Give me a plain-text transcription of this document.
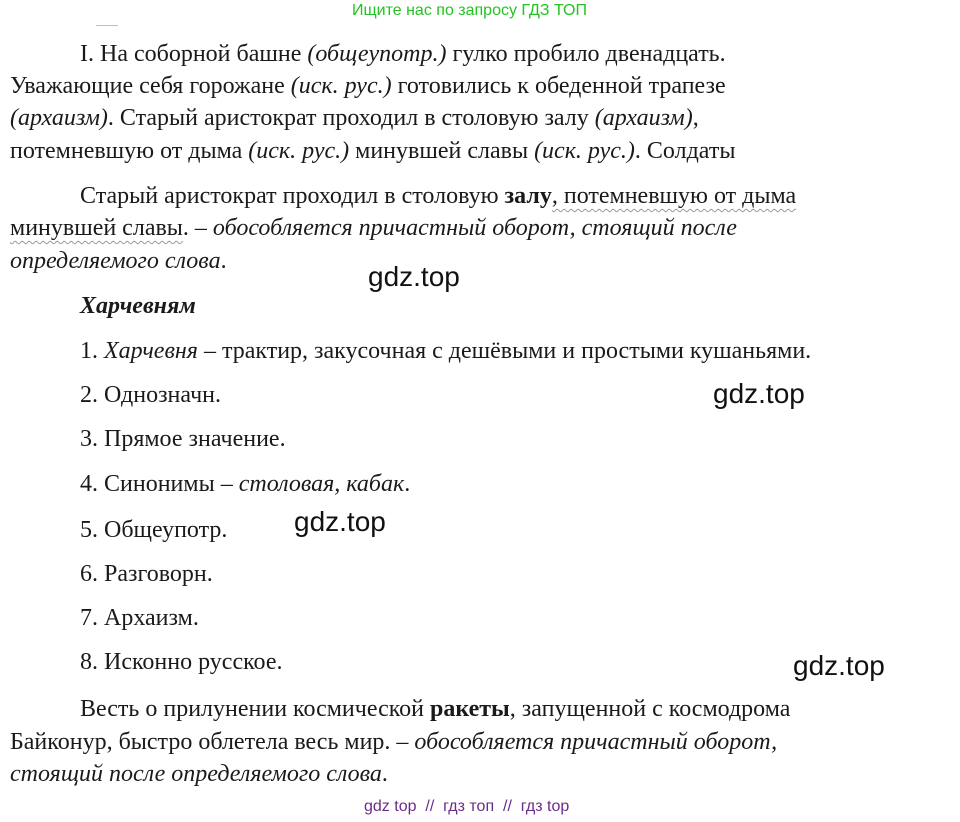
Ищите нас по запросу ГДЗ ТОП
I. На соборной башне (общеупотр.) гулко пробило двенадцать.
Уважающие себя горожане (иск. рус.) готовились к обеденной трапезе
(архаизм). Старый аристократ проходил в столовую залу (архаизм),
потемневшую от дыма (иск. рус.) минувшей славы (иск. рус.). Солдаты
Старый аристократ проходил в столовую залу, потемневшую от дыма
минувшей славы. – обособляется причастный оборот, стоящий после
определяемого слова.	gdz.top
Харчевням
1. Харчевня – трактир, закусочная с дешёвыми и простыми кушаньями.
2. Однозначн.	gdz.top
3. Прямое значение.
4. Синонимы – столовая, кабак.
gdz.top
5. Общеупотр.
6. Разговорн.
7. Архаизм.
8. Исконно русское.	gdz.top
Весть о прилунении космической ракеты, запущенной с космодрома
Байконур, быстро облетела весь мир. – обособляется причастный оборот,
стоящий после определяемого слова.
gdz top  //  гдз топ  //  гдз top
